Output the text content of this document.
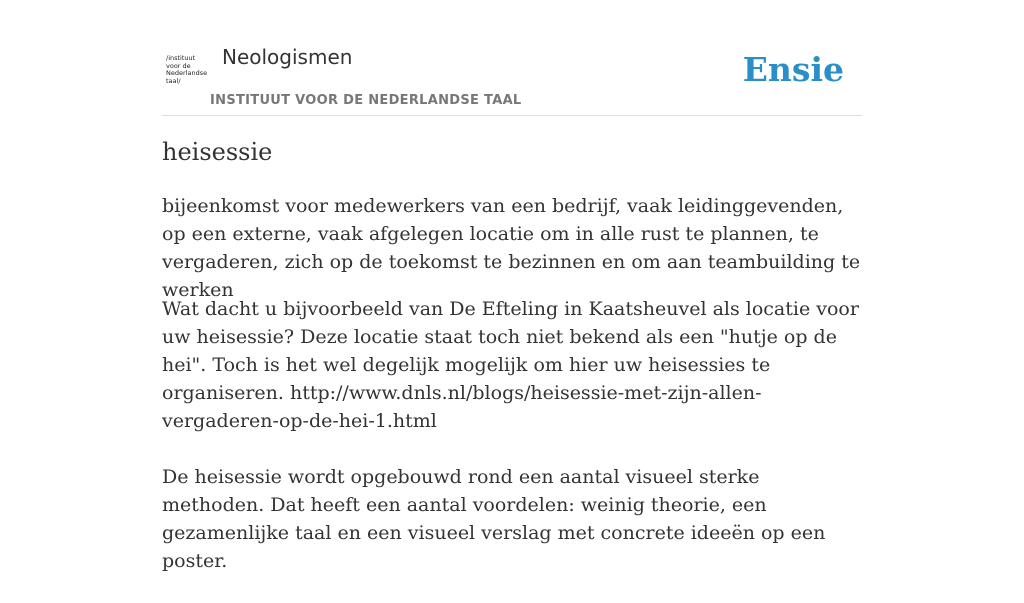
/instituut
voor de
Nederlandse
taal/
Neologismen
INSTITUUT VOOR DE NEDERLANDSE TAAL
Ensie
heisessie

bijeenkomst voor medewerkers van een bedrijf, vaak leidinggevenden, op een externe, vaak afgelegen locatie om in alle rust te plannen, te vergaderen, zich op de toekomst te bezinnen en om aan teambuilding te werken

Wat dacht u bijvoorbeeld van De Efteling in Kaatsheuvel als locatie voor uw heisessie? Deze locatie staat toch niet bekend als een "hutje op de hei". Toch is het wel degelijk mogelijk om hier uw heisessies te organiseren. http://www.dnls.nl/blogs/heisessie-met-zijn-allen-vergaderen-op-de-hei-1.html

De heisessie wordt opgebouwd rond een aantal visueel sterke methoden. Dat heeft een aantal voordelen: weinig theorie, een gezamenlijke taal en een visueel verslag met concrete ideeën op een poster.
